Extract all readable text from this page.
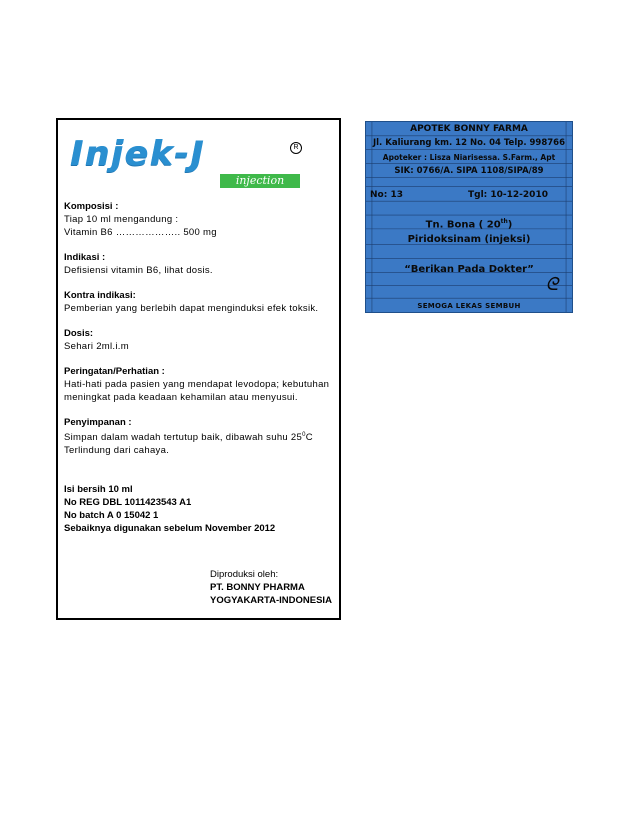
Injek-J
injection
R
Komposisi :
Tiap 10 ml mengandung :
Vitamin B6 ……………….. 500 mg
Indikasi :
Defisiensi vitamin B6, lihat dosis.
Kontra indikasi:
Pemberian yang berlebih dapat menginduksi efek toksik.
Dosis:
Sehari 2ml.i.m
Peringatan/Perhatian :
Hati-hati pada pasien yang mendapat levodopa; kebutuhan
meningkat pada keadaan kehamilan atau menyusui.
Penyimpanan :
Simpan dalam wadah tertutup baik, dibawah suhu $25^0C$
Terlindung dari cahaya.
Isi bersih 10 ml
No REG DBL 1011423543 A1
No batch A 0 15042 1
Sebaiknya digunakan sebelum November 2012
Diproduksi oleh:
PT. BONNY PHARMA
YOGYAKARTA-INDONESIA
APOTEK BONNY FARMA
Jl. Kaliurang km. 12 No. 04 Telp. 998766
Apoteker : Lisza Niarisessa. S.Farm., Apt
SIK: 0766/A. SIPA 1108/SIPA/89
No: 13	Tgl: 10-12-2010
Tn. Bona ( 20th)
Piridoksinam (injeksi)
“Berikan Pada Dokter”
ᘓ
SEMOGA LEKAS SEMBUH
